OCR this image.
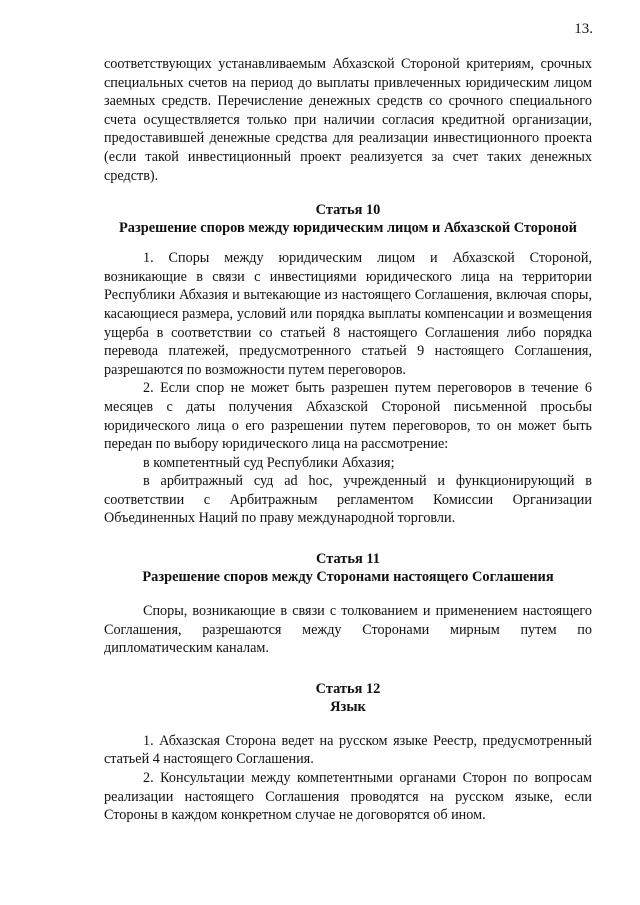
13.

соответствующих устанавливаемым Абхазской Стороной критериям, срочных специальных счетов на период до выплаты привлеченных юридическим лицом заемных средств. Перечисление денежных средств со срочного специального счета осуществляется только при наличии согласия кредитной организации, предоставившей денежные средства для реализации инвестиционного проекта (если такой инвестиционный проект реализуется за счет таких денежных средств).

Статья 10
Разрешение споров между юридическим лицом и Абхазской Стороной

1. Споры между юридическим лицом и Абхазской Стороной, возникающие в связи с инвестициями юридического лица на территории Республики Абхазия и вытекающие из настоящего Соглашения, включая споры, касающиеся размера, условий или порядка выплаты компенсации и возмещения ущерба в соответствии со статьей 8 настоящего Соглашения либо порядка перевода платежей, предусмотренного статьей 9 настоящего Соглашения, разрешаются по возможности путем переговоров.

2. Если спор не может быть разрешен путем переговоров в течение 6 месяцев с даты получения Абхазской Стороной письменной просьбы юридического лица о его разрешении путем переговоров, то он может быть передан по выбору юридического лица на рассмотрение:

в компетентный суд Республики Абхазия;

в арбитражный суд ad hoc, учрежденный и функционирующий в соответствии с Арбитражным регламентом Комиссии Организации Объединенных Наций по праву международной торговли.

Статья 11
Разрешение споров между Сторонами настоящего Соглашения

Споры, возникающие в связи с толкованием и применением настоящего Соглашения, разрешаются между Сторонами мирным путем по дипломатическим каналам.

Статья 12
Язык

1. Абхазская Сторона ведет на русском языке Реестр, предусмотренный статьей 4 настоящего Соглашения.

2. Консультации между компетентными органами Сторон по вопросам реализации настоящего Соглашения проводятся на русском языке, если Стороны в каждом конкретном случае не договорятся об ином.
